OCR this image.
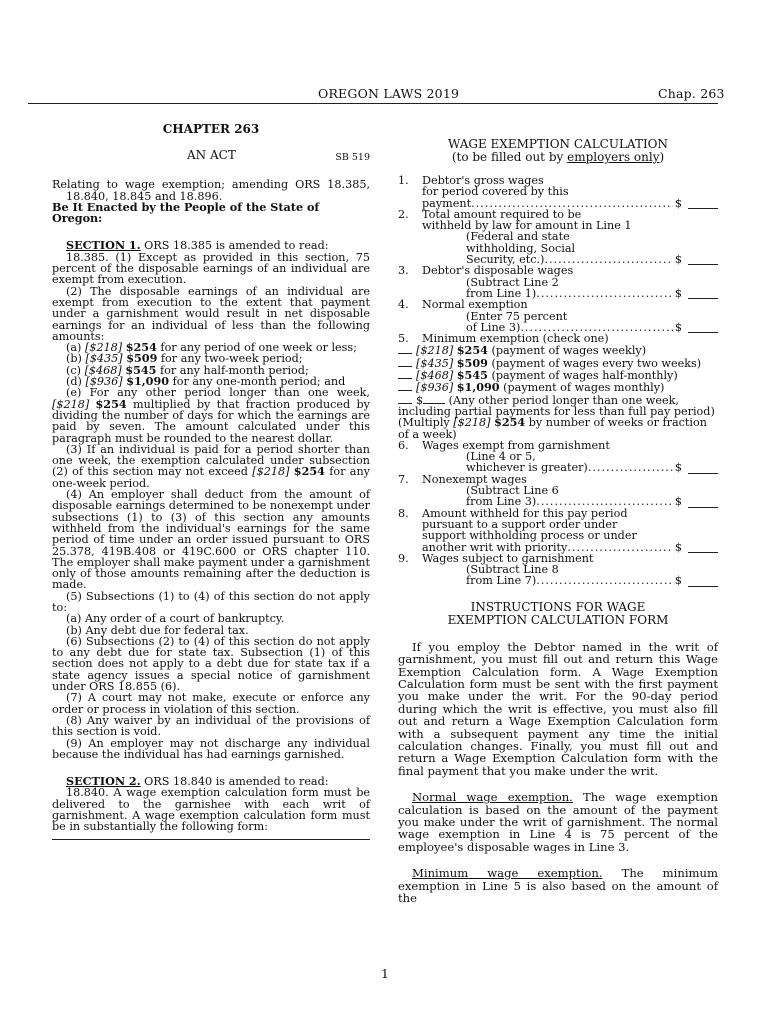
OREGON LAWS 2019	Chap. 263

CHAPTER 263

AN ACT	SB 519

Relating to wage exemption; amending ORS 18.385, 18.840, 18.845 and 18.896.

Be It Enacted by the People of the State of Oregon:

SECTION 1. ORS 18.385 is amended to read:

18.385. (1) Except as provided in this section, 75 percent of the disposable earnings of an individual are exempt from execution.

(2) The disposable earnings of an individual are exempt from execution to the extent that payment under a garnishment would result in net disposable earnings for an individual of less than the following amounts:

(a) [$218] $254 for any period of one week or less;
(b) [$435] $509 for any two-week period;
(c) [$468] $545 for any half-month period;
(d) [$936] $1,090 for any one-month period; and

(e) For any other period longer than one week, [$218] $254 multiplied by that fraction produced by dividing the number of days for which the earnings are paid by seven. The amount calculated under this paragraph must be rounded to the nearest dollar.

(3) If an individual is paid for a period shorter than one week, the exemption calculated under subsection (2) of this section may not exceed [$218] $254 for any one-week period.

(4) An employer shall deduct from the amount of disposable earnings determined to be nonexempt under subsections (1) to (3) of this section any amounts withheld from the individual's earnings for the same period of time under an order issued pursuant to ORS 25.378, 419B.408 or 419C.600 or ORS chapter 110. The employer shall make payment under a garnishment only of those amounts remaining after the deduction is made.

(5) Subsections (1) to (4) of this section do not apply to:

(a) Any order of a court of bankruptcy.

(b) Any debt due for federal tax.

(6) Subsections (2) to (4) of this section do not apply to any debt due for state tax. Subsection (1) of this section does not apply to a debt due for state tax if a state agency issues a special notice of garnishment under ORS 18.855 (6).

(7) A court may not make, execute or enforce any order or process in violation of this section.

(8) Any waiver by an individual of the provisions of this section is void.

(9) An employer may not discharge any individual because the individual has had earnings garnished.

SECTION 2. ORS 18.840 is amended to read:

18.840. A wage exemption calculation form must be delivered to the garnishee with each writ of garnishment. A wage exemption calculation form must be in substantially the following form:

WAGE EXEMPTION CALCULATION

(to be filled out by employers only)

1. Debtor's gross wages
for period covered by this
payment .....	$
2. Total amount required to be
withheld by law for amount in Line 1
(Federal and state
withholding, Social
Security, etc.) .....	$
3. Debtor's disposable wages
(Subtract Line 2
from Line 1) .....	$
4. Normal exemption
(Enter 75 percent
of Line 3) .....	$
5. Minimum exemption (check one)
[$218] $254 (payment of wages weekly)
[$435] $509 (payment of wages every two weeks)
[$468] $545 (payment of wages half-monthly)
[$936] $1,090 (payment of wages monthly)
$ (Any other period longer than one week, including partial payments for less than full pay period) (Multiply [$218] $254 by number of weeks or fraction of a week)
6. Wages exempt from garnishment
(Line 4 or 5,
whichever is greater) .....	$
7. Nonexempt wages
(Subtract Line 6
from Line 3) .....	$
8. Amount withheld for this pay period
pursuant to a support order under
support withholding process or under
another writ with priority .....	$
9. Wages subject to garnishment
(Subtract Line 8
from Line 7) .....	$

INSTRUCTIONS FOR WAGE

EXEMPTION CALCULATION FORM

If you employ the Debtor named in the writ of garnishment, you must fill out and return this Wage Exemption Calculation form. A Wage Exemption Calculation form must be sent with the first payment you make under the writ. For the 90-day period during which the writ is effective, you must also fill out and return a Wage Exemption Calculation form with a subsequent payment any time the initial calculation changes. Finally, you must fill out and return a Wage Exemption Calculation form with the final payment that you make under the writ.

Normal wage exemption. The wage exemption calculation is based on the amount of the payment you make under the writ of garnishment. The normal wage exemption in Line 4 is 75 percent of the employee's disposable wages in Line 3.

Minimum wage exemption. The minimum exemption in Line 5 is also based on the amount of the

1
